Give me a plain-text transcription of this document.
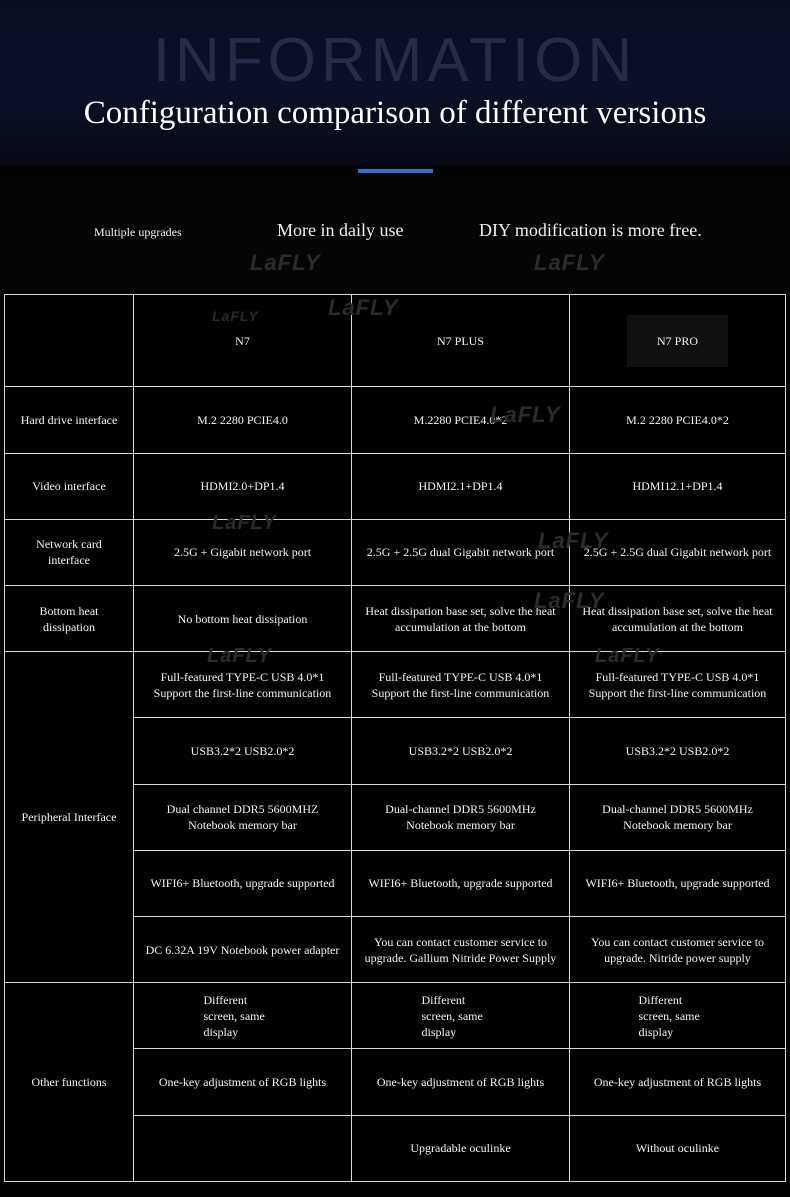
INFORMATION
Configuration comparison of different versions
Multiple upgrades	More in daily use	DIY modification is more free.
	N7	N7 PLUS	N7 PRO
Hard drive interface	M.2 2280 PCIE4.0	M.2280 PCIE4.0*2	M.2 2280 PCIE4.0*2
Video interface	HDMI2.0+DP1.4	HDMI2.1+DP1.4	HDMI12.1+DP1.4
Network card interface	2.5G + Gigabit network port	2.5G + 2.5G dual Gigabit network port	2.5G + 2.5G dual Gigabit network port
Bottom heat dissipation	No bottom heat dissipation	Heat dissipation base set, solve the heat accumulation at the bottom	Heat dissipation base set, solve the heat accumulation at the bottom
Peripheral Interface	Full-featured TYPE-C USB 4.0*1 Support the first-line communication	Full-featured TYPE-C USB 4.0*1 Support the first-line communication	Full-featured TYPE-C USB 4.0*1 Support the first-line communication
	USB3.2*2 USB2.0*2	USB3.2*2 USB2.0*2	USB3.2*2 USB2.0*2
	Dual channel DDR5 5600MHZ Notebook memory bar	Dual-channel DDR5 5600MHz Notebook memory bar	Dual-channel DDR5 5600MHz Notebook memory bar
	WIFI6+ Bluetooth, upgrade supported	WIFI6+ Bluetooth, upgrade supported	WIFI6+ Bluetooth, upgrade supported
	DC 6.32A 19V Notebook power adapter	You can contact customer service to upgrade. Gallium Nitride Power Supply	You can contact customer service to upgrade. Nitride power supply
Other functions	Different screen, same display	Different screen, same display	Different screen, same display
	One-key adjustment of RGB lights	One-key adjustment of RGB lights	One-key adjustment of RGB lights
		Upgradable oculinke	Without oculinke
LaFLY	LaFLY
LaFLY
LaFLY
LaFLY
LaFLY
LaFLY
LaFLY
LaFLY	LaFLY
